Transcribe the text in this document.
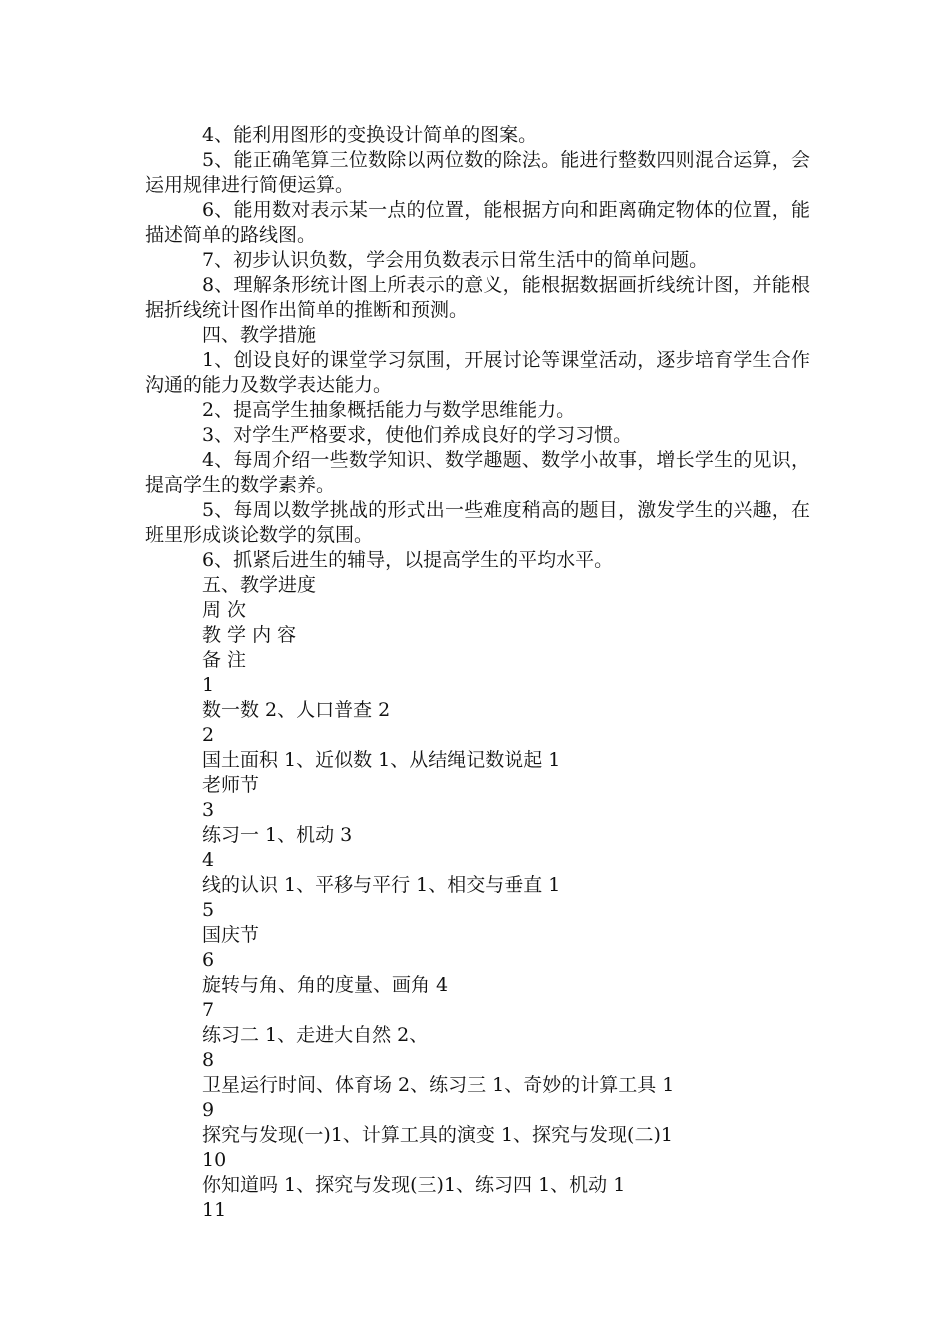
4、能利用图形的变换设计简单的图案。

5、能正确笔算三位数除以两位数的除法。能进行整数四则混合运算，会运用规律进行简便运算。

6、能用数对表示某一点的位置，能根据方向和距离确定物体的位置，能描述简单的路线图。

7、初步认识负数，学会用负数表示日常生活中的简单问题。

8、理解条形统计图上所表示的意义，能根据数据画折线统计图，并能根据折线统计图作出简单的推断和预测。

四、教学措施

1、创设良好的课堂学习氛围，开展讨论等课堂活动，逐步培育学生合作沟通的能力及数学表达能力。

2、提高学生抽象概括能力与数学思维能力。

3、对学生严格要求，使他们养成良好的学习习惯。

4、每周介绍一些数学知识、数学趣题、数学小故事，增长学生的见识，提高学生的数学素养。

5、每周以数学挑战的形式出一些难度稍高的题目，激发学生的兴趣，在班里形成谈论数学的氛围。

6、抓紧后进生的辅导，以提高学生的平均水平。

五、教学进度

周 次

教 学 内 容

备 注

1

数一数 2、人口普查 2

2

国土面积 1、近似数 1、从结绳记数说起 1

老师节

3

练习一 1、机动 3

4

线的认识 1、平移与平行 1、相交与垂直 1

5

国庆节

6

旋转与角、角的度量、画角 4

7

练习二 1、走进大自然 2、

8

卫星运行时间、体育场 2、练习三 1、奇妙的计算工具 1

9

探究与发现(一)1、计算工具的演变 1、探究与发现(二)1

10

你知道吗 1、探究与发现(三)1、练习四 1、机动 1

11
